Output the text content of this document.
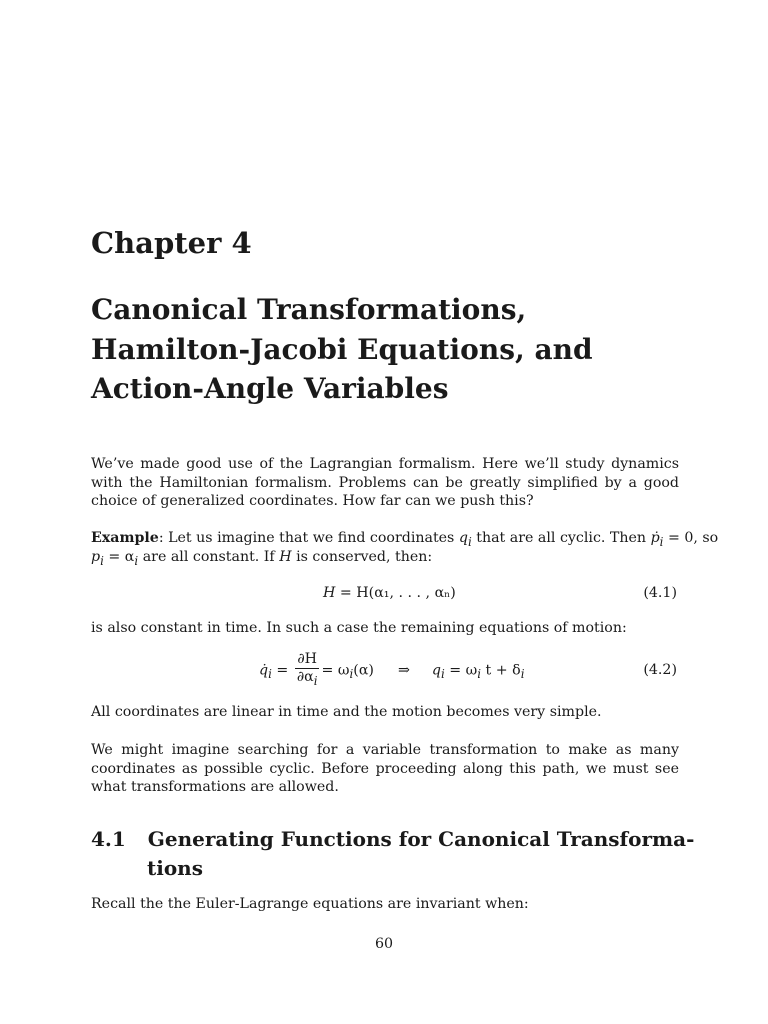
Chapter 4
Canonical Transformations,
Hamilton-Jacobi Equations, and
Action-Angle Variables
We’ve made good use of the Lagrangian formalism. Here we’ll study dynamics with the Hamiltonian formalism. Problems can be greatly simplified by a good choice of generalized coordinates. How far can we push this?
Example: Let us imagine that we find coordinates $q_i$ that are all cyclic. Then ṗ$_i$ = 0, so
$p_i = \alpha_i$ are all constant. If H is conserved, then:
H = H(α₁, . . . , αₙ)	(4.1)
is also constant in time. In such a case the remaining equations of motion:
$q̇_i = \frac{\partial H}{\partial\alpha_i} = \omega_i(\alpha)$ ⇒ $q_i = \omega_i$ $t + \delta_i$	(4.2)
All coordinates are linear in time and the motion becomes very simple.
We might imagine searching for a variable transformation to make as many coordinates as possible cyclic. Before proceeding along this path, we must see what transformations are allowed.
4.1 Generating Functions for Canonical Transforma-
tions
Recall the the Euler-Lagrange equations are invariant when:
60
